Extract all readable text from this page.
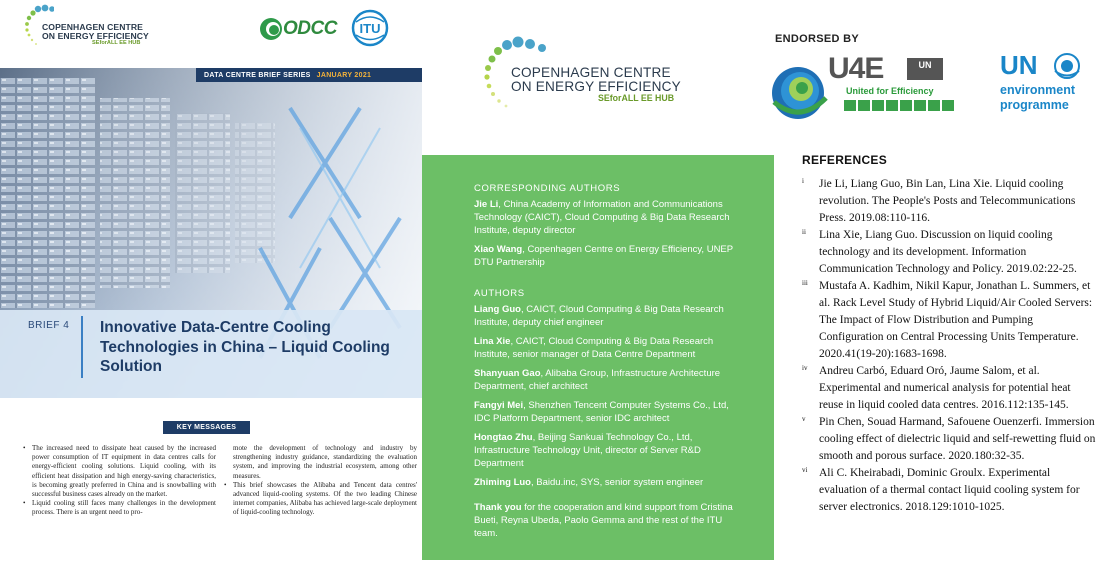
COPENHAGEN CENTRE
ON ENERGY EFFICIENCY
SEforALL EE HUB
ODCC ITU
DATA CENTRE BRIEF SERIES JANUARY 2021
BRIEF 4 Innovative Data-Centre Cooling Technologies in China – Liquid Cooling Solution
KEY MESSAGES

• The increased need to dissipate heat caused by the increased power consumption of IT equipment in data centres calls for energy-efficient cooling solutions. Liquid cooling, with its efficient heat dissipation and high energy-saving characteristics, is becoming greatly preferred in China and is snowballing with successful business cases already on the market.

• Liquid cooling still faces many challenges in the development process. There is an urgent need to pro-

mote the development of technology and industry by strengthening industry guidance, standardizing the evaluation system, and improving the industrial ecosystem, among other measures.

• This brief showcases the Alibaba and Tencent data centres' advanced liquid-cooling systems. Of the two leading Chinese internet companies, Alibaba has achieved large-scale deployment of liquid-cooling technology.

COPENHAGEN CENTRE
ON ENERGY EFFICIENCY
SEforALL EE HUB
CORRESPONDING AUTHORS
Jie Li, China Academy of Information and Communications Technology (CAICT), Cloud Computing & Big Data Research Institute, deputy director
Xiao Wang, Copenhagen Centre on Energy Efficiency, UNEP DTU Partnership
AUTHORS
Liang Guo, CAICT, Cloud Computing & Big Data Research Institute, deputy chief engineer
Lina Xie, CAICT, Cloud Computing & Big Data Research Institute, senior manager of Data Centre Department
Shanyuan Gao, Alibaba Group, Infrastructure Architecture Department, chief architect
Fangyi Mei, Shenzhen Tencent Computer Systems Co., Ltd, IDC Platform Department, senior IDC architect
Hongtao Zhu, Beijing Sankuai Technology Co., Ltd, Infrastructure Technology Unit, director of Server R&D Department
Zhiming Luo, Baidu.inc, SYS, senior system engineer
Thank you for the cooperation and kind support from Cristina Bueti, Reyna Ubeda, Paolo Gemma and the rest of the ITU team.
ENDORSED BY
U4E	UN
United for Efficiency
UN
environment
programme
REFERENCES
i Jie Li, Liang Guo, Bin Lan, Lina Xie. Liquid cooling revolution. The People's Posts and Telecommunications Press. 2019.08:110-116.
ii Lina Xie, Liang Guo. Discussion on liquid cooling technology and its development. Information Communication Technology and Policy. 2019.02:22-25.
iii Mustafa A. Kadhim, Nikil Kapur, Jonathan L. Summers, et al. Rack Level Study of Hybrid Liquid/Air Cooled Servers: The Impact of Flow Distribution and Pumping Configuration on Central Processing Units Temperature. 2020.41(19-20):1683-1698.
iv Andreu Carbó, Eduard Oró, Jaume Salom, et al. Experimental and numerical analysis for potential heat reuse in liquid cooled data centres. 2016.112:135-145.
v Pin Chen, Souad Harmand, Safouene Ouenzerfi. Immersion cooling effect of dielectric liquid and self-rewetting fluid on smooth and porous surface. 2020.180:32-35.
vi Ali C. Kheirabadi, Dominic Groulx. Experimental evaluation of a thermal contact liquid cooling system for server electronics. 2018.129:1010-1025.
